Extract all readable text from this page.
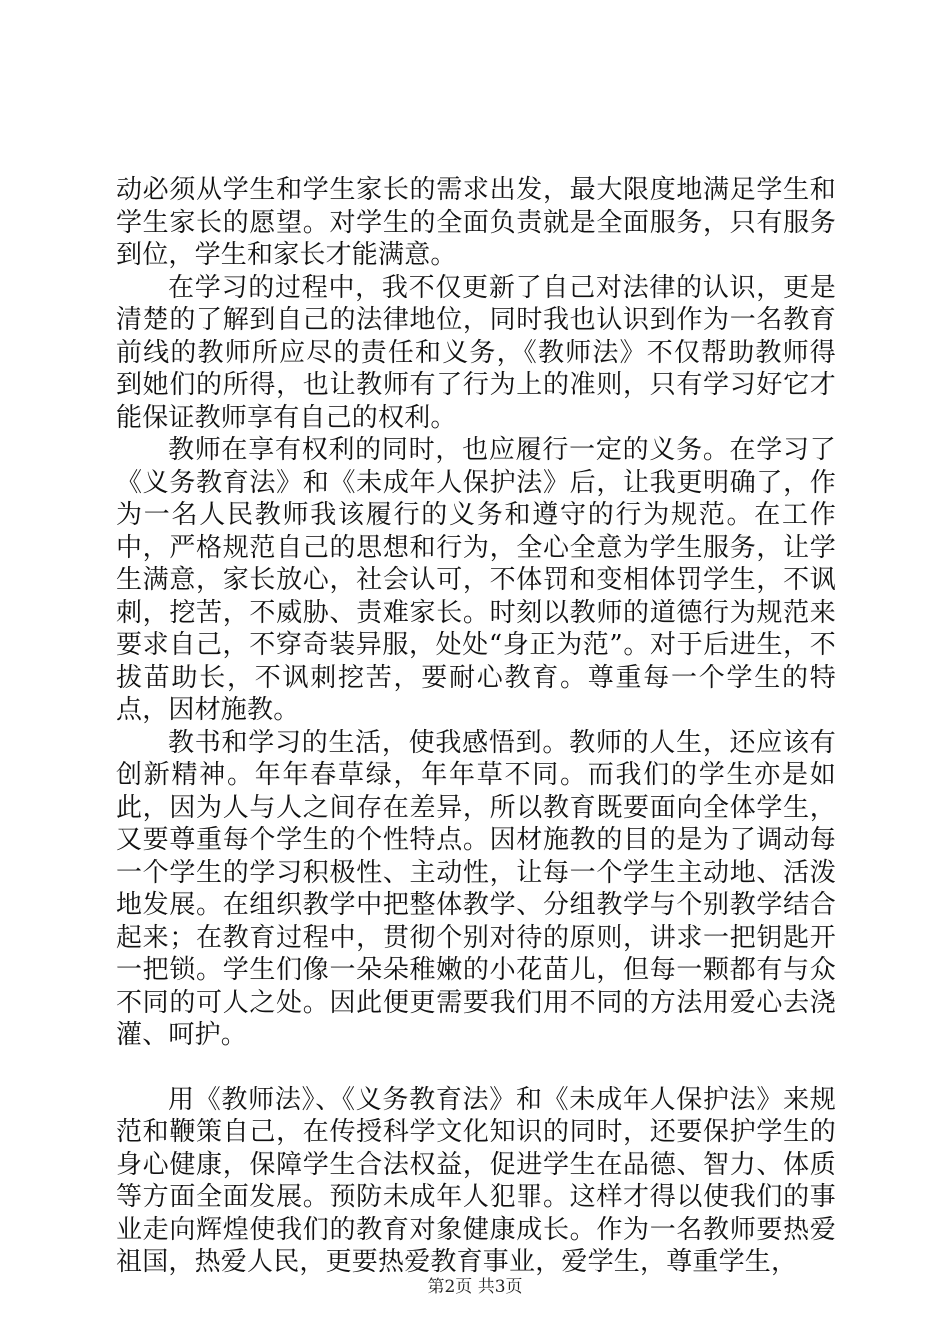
动必须从学生和学生家长的需求出发，最大限度地满足学生和学生家长的愿望。对学生的全面负责就是全面服务，只有服务到位，学生和家长才能满意。

在学习的过程中，我不仅更新了自己对法律的认识，更是清楚的了解到自己的法律地位，同时我也认识到作为一名教育前线的教师所应尽的责任和义务，《教师法》不仅帮助教师得到她们的所得，也让教师有了行为上的准则，只有学习好它才能保证教师享有自己的权利。

教师在享有权利的同时，也应履行一定的义务。在学习了《义务教育法》和《未成年人保护法》后，让我更明确了，作为一名人民教师我该履行的义务和遵守的行为规范。在工作中，严格规范自己的思想和行为，全心全意为学生服务，让学生满意，家长放心，社会认可，不体罚和变相体罚学生，不讽刺，挖苦，不威胁、责难家长。时刻以教师的道德行为规范来要求自己，不穿奇装异服，处处“身正为范”。对于后进生，不拔苗助长，不讽刺挖苦，要耐心教育。尊重每一个学生的特点，因材施教。

教书和学习的生活，使我感悟到。教师的人生，还应该有创新精神。年年春草绿，年年草不同。而我们的学生亦是如此，因为人与人之间存在差异，所以教育既要面向全体学生，又要尊重每个学生的个性特点。因材施教的目的是为了调动每一个学生的学习积极性、主动性，让每一个学生主动地、活泼地发展。在组织教学中把整体教学、分组教学与个别教学结合起来；在教育过程中，贯彻个别对待的原则，讲求一把钥匙开一把锁。学生们像一朵朵稚嫩的小花苗儿，但每一颗都有与众不同的可人之处。因此便更需要我们用不同的方法用爱心去浇灌、呵护。

用《教师法》、《义务教育法》和《未成年人保护法》来规范和鞭策自己，在传授科学文化知识的同时，还要保护学生的身心健康，保障学生合法权益，促进学生在品德、智力、体质等方面全面发展。预防未成年人犯罪。这样才得以使我们的事业走向辉煌使我们的教育对象健康成长。作为一名教师要热爱祖国，热爱人民，更要热爱教育事业，爱学生，尊重学生，

第2页 共3页
